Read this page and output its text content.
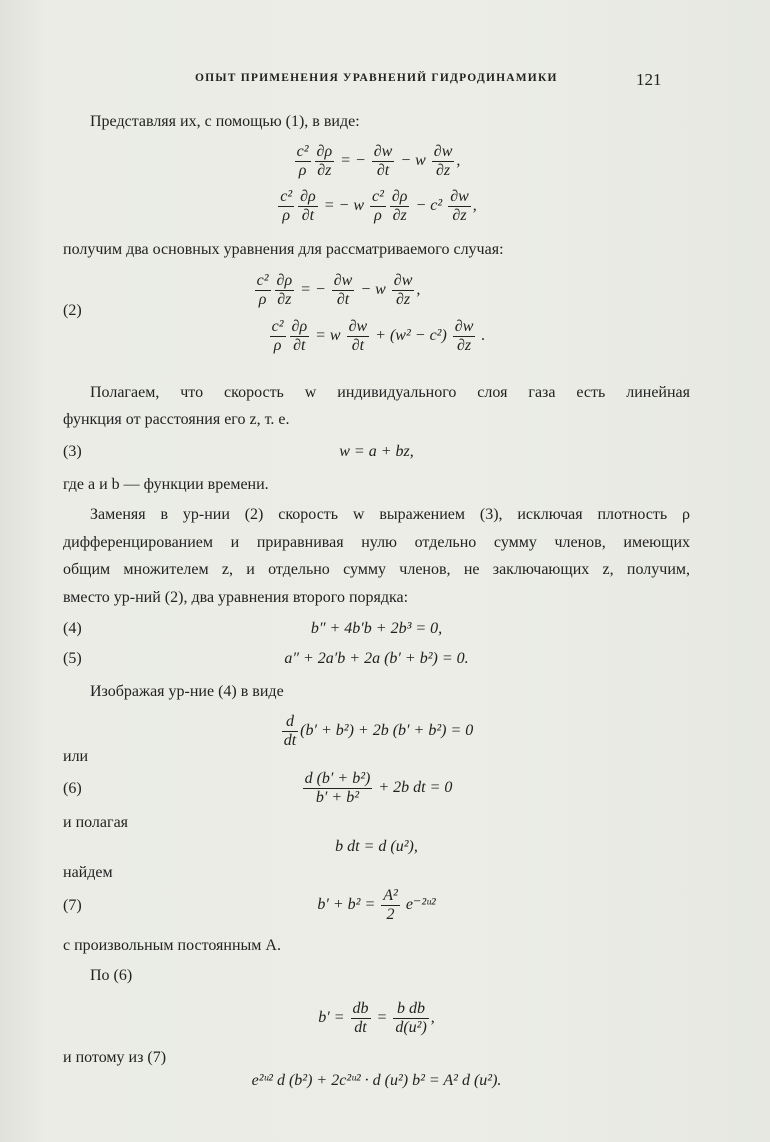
ОПЫТ ПРИМЕНЕНИЯ УРАВНЕНИЙ ГИДРОДИНАМИКИ	121
Представляя их, с помощью (1), в виде:
$\frac{\text{c²}}{\rho} \frac{\partial\rho}{\partial z}$ = − $\frac{\partial w}{\partial t} - w \frac{\partial w}{\partial z}$ ,
$\frac{\text{c²}}{\rho} \frac{\partial\rho}{\partial t}$ = − w $\frac{\text{c²}}{\rho} \frac{\partial\rho}{\partial z} - c^2 \frac{\partial w}{\partial z}$ ,
получим два основных уравнения для рассматриваемого случая:
$\frac{\text{c²}}{\rho} \frac{\partial\rho}{\partial z}$ = − $\frac{\partial w}{\partial t} - w \frac{\partial w}{\partial z}$ ,
(2)
$\frac{\text{c²}}{\rho} \frac{\partial\rho}{\partial t} = w \frac{\partial w}{\partial t} + (w^2 - c^2) \frac{\partial w}{\partial z}$ .
Полагаем, что скорость w индивидуального слоя газа есть линейная
функция от расстояния его z, т. е.
(3)	w = a + bz,
где a и b — функции времени.
Заменяя в ур-нии (2) скорость w выражением (3), исключая плотность ρ
дифференцированием и приравнивая нулю отдельно сумму членов, имеющих
общим множителем z, и отдельно сумму членов, не заключающих z, получим,
вместо ур-ний (2), два уравнения второго порядка:
(4)	b″ + 4b′b + 2b³ = 0,
(5)	a″ + 2a′b + 2a (b′ + b²) = 0.
Изображая ур-ние (4) в виде
$\frac{d}{dt} (b' + b^2) + 2b$ (b′ + b²) = 0
или
(6)	$\frac{\text{d (b′ + b²)}}{\text{b′ + b²}} + 2b$ dt = 0
и полагая
b dt = d (u²),
найдем
(7)	$b' + b^2 = \frac{\text{A²}}{2}$ e⁻²ᵘ²
с произвольным постоянным A.
По (6)
$b' = \frac{db}{dt} = \frac{\text{b db}}{\text{d(u²)}}$ ,
и потому из (7)
e²ᵘ² d (b²) + 2c²ᵘ² · d (u²) b² = A² d (u²).
